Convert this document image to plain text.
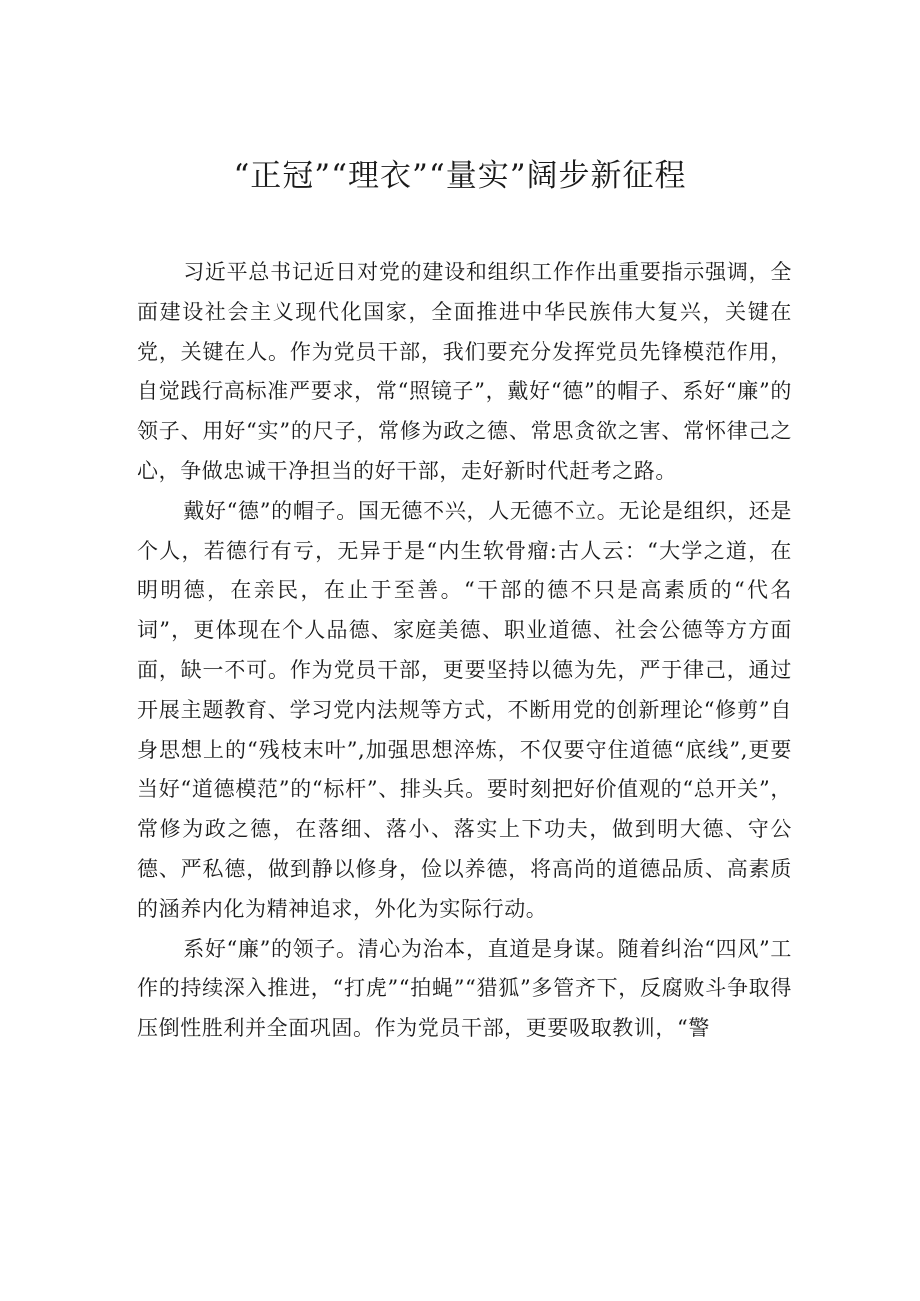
“正冠”“理衣”“量实”阔步新征程

习近平总书记近日对党的建设和组织工作作出重要指示强调，全面建设社会主义现代化国家，全面推进中华民族伟大复兴，关键在党，关键在人。作为党员干部，我们要充分发挥党员先锋模范作用，自觉践行高标准严要求，常“照镜子”，戴好“德”的帽子、系好“廉”的领子、用好“实”的尺子，常修为政之德、常思贪欲之害、常怀律己之心，争做忠诚干净担当的好干部，走好新时代赶考之路。

戴好“德”的帽子。国无德不兴，人无德不立。无论是组织，还是个人，若德行有亏，无异于是“内生软骨瘤:古人云：“大学之道，在明明德，在亲民，在止于至善。“干部的德不只是高素质的“代名词”，更体现在个人品德、家庭美德、职业道德、社会公德等方方面面，缺一不可。作为党员干部，更要坚持以德为先，严于律己，通过开展主题教育、学习党内法规等方式，不断用党的创新理论“修剪”自身思想上的“残枝末叶”,加强思想淬炼，不仅要守住道德“底线”,更要当好“道德模范”的“标杆”、排头兵。要时刻把好价值观的“总开关”，常修为政之德，在落细、落小、落实上下功夫，做到明大德、守公德、严私德，做到静以修身，俭以养德，将高尚的道德品质、高素质的涵养内化为精神追求，外化为实际行动。

系好“廉”的领子。清心为治本，直道是身谋。随着纠治“四风”工作的持续深入推进，“打虎”“拍蝇”“猎狐”多管齐下，反腐败斗争取得压倒性胜利并全面巩固。作为党员干部，更要吸取教训，“警
